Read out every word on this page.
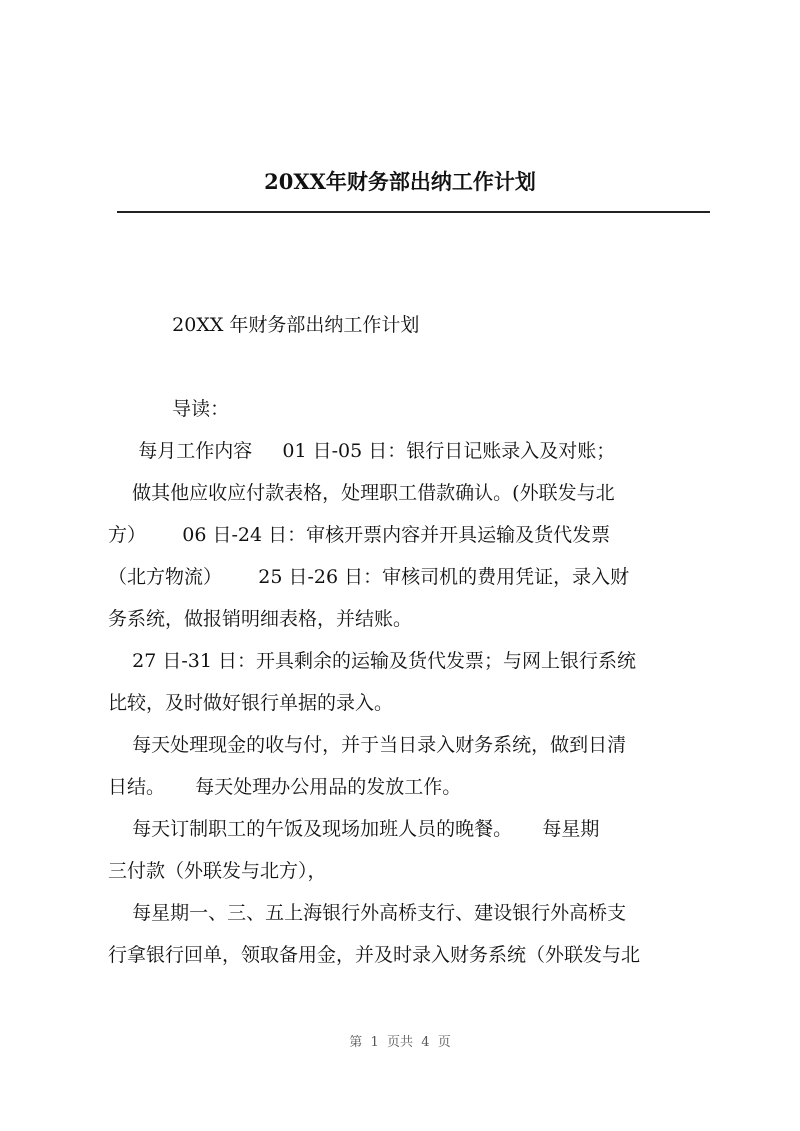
20XX年财务部出纳工作计划
20XX 年财务部出纳工作计划
导读：
每月工作内容     01 日-05 日：银行日记账录入及对账；
做其他应收应付款表格，处理职工借款确认。(外联发与北
方）      06 日-24 日：审核开票内容并开具运输及货代发票
（北方物流）      25 日-26 日：审核司机的费用凭证，录入财
务系统，做报销明细表格，并结账。
27 日-31 日：开具剩余的运输及货代发票；与网上银行系统
比较，及时做好银行单据的录入。
每天处理现金的收与付，并于当日录入财务系统，做到日清
日结。     每天处理办公用品的发放工作。
每天订制职工的午饭及现场加班人员的晚餐。     每星期
三付款（外联发与北方），
每星期一、三、五上海银行外高桥支行、建设银行外高桥支
行拿银行回单，领取备用金，并及时录入财务系统（外联发与北
第  1  页共  4  页
